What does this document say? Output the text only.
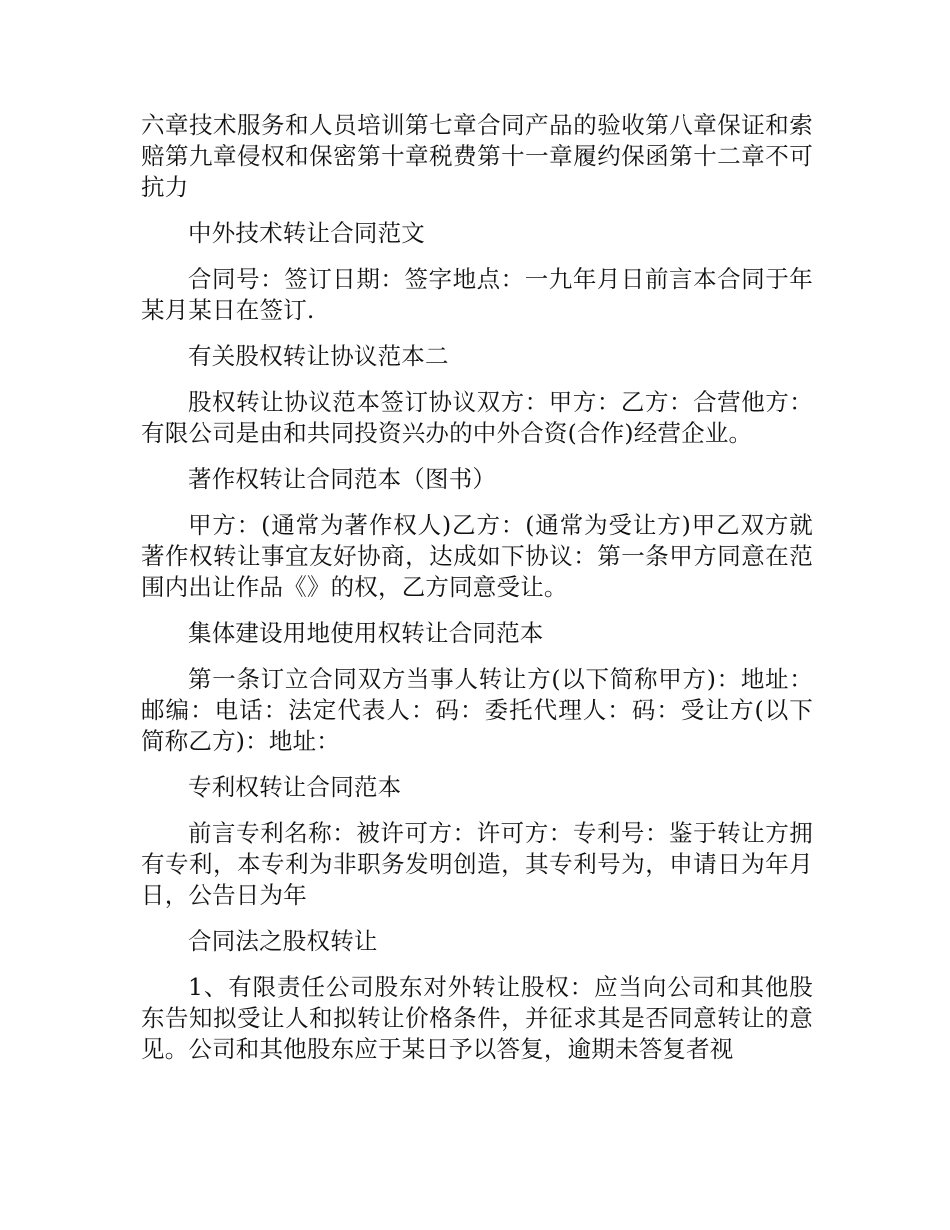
六章技术服务和人员培训第七章合同产品的验收第八章保证和索赔第九章侵权和保密第十章税费第十一章履约保函第十二章不可抗力

中外技术转让合同范文

合同号：签订日期：签字地点：一九年月日前言本合同于年某月某日在签订.

有关股权转让协议范本二

股权转让协议范本签订协议双方：甲方：乙方：合营他方：有限公司是由和共同投资兴办的中外合资(合作)经营企业。

著作权转让合同范本（图书）

甲方：(通常为著作权人)乙方：(通常为受让方)甲乙双方就著作权转让事宜友好协商，达成如下协议：第一条甲方同意在范围内出让作品《》的权，乙方同意受让。

集体建设用地使用权转让合同范本

第一条订立合同双方当事人转让方(以下简称甲方)：地址：邮编：电话：法定代表人：码：委托代理人：码：受让方(以下简称乙方)：地址：

专利权转让合同范本

前言专利名称：被许可方：许可方：专利号：鉴于转让方拥有专利，本专利为非职务发明创造，其专利号为，申请日为年月日，公告日为年

合同法之股权转让

1、有限责任公司股东对外转让股权：应当向公司和其他股东告知拟受让人和拟转让价格条件，并征求其是否同意转让的意见。公司和其他股东应于某日予以答复，逾期未答复者视
